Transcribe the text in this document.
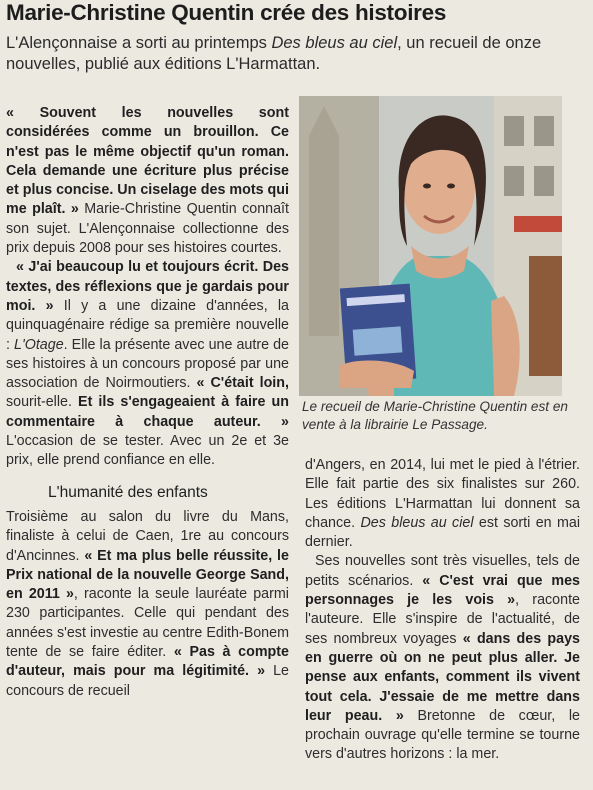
Marie-Christine Quentin crée des histoires
L'Alençonnaise a sorti au printemps Des bleus au ciel, un recueil de onze nouvelles, publié aux éditions L'Harmattan.
Le recueil de Marie-Christine Quentin est en vente à la librairie Le Passage.

« Souvent les nouvelles sont considérées comme un brouillon. Ce n'est pas le même objectif qu'un roman. Cela demande une écriture plus précise et plus concise. Un ciselage des mots qui me plaît. » Marie-Christine Quentin connaît son sujet. L'Alençonnaise collectionne des prix depuis 2008 pour ses histoires courtes.

« J'ai beaucoup lu et toujours écrit. Des textes, des réflexions que je gardais pour moi. » Il y a une dizaine d'années, la quinquagénaire rédige sa première nouvelle : L'Otage. Elle la présente avec une autre de ses histoires à un concours proposé par une association de Noirmoutiers. « C'était loin, sourit-elle. Et ils s'engageaient à faire un commentaire à chaque auteur. » L'occasion de se tester. Avec un 2e et 3e prix, elle prend confiance en elle.

L'humanité des enfants

Troisième au salon du livre du Mans, finaliste à celui de Caen, 1re au concours d'Ancinnes. « Et ma plus belle réussite, le Prix national de la nouvelle George Sand, en 2011 », raconte la seule lauréate parmi 230 participantes. Celle qui pendant des années s'est investie au centre Edith-Bonem tente de se faire éditer. « Pas à compte d'auteur, mais pour ma légitimité. » Le concours de recueil

d'Angers, en 2014, lui met le pied à l'étrier. Elle fait partie des six finalistes sur 260. Les éditions L'Harmattan lui donnent sa chance. Des bleus au ciel est sorti en mai dernier.

Ses nouvelles sont très visuelles, tels de petits scénarios. « C'est vrai que mes personnages je les vois », raconte l'auteure. Elle s'inspire de l'actualité, de ses nombreux voyages « dans des pays en guerre où on ne peut plus aller. Je pense aux enfants, comment ils vivent tout cela. J'essaie de me mettre dans leur peau. » Bretonne de cœur, le prochain ouvrage qu'elle termine se tourne vers d'autres horizons : la mer.
